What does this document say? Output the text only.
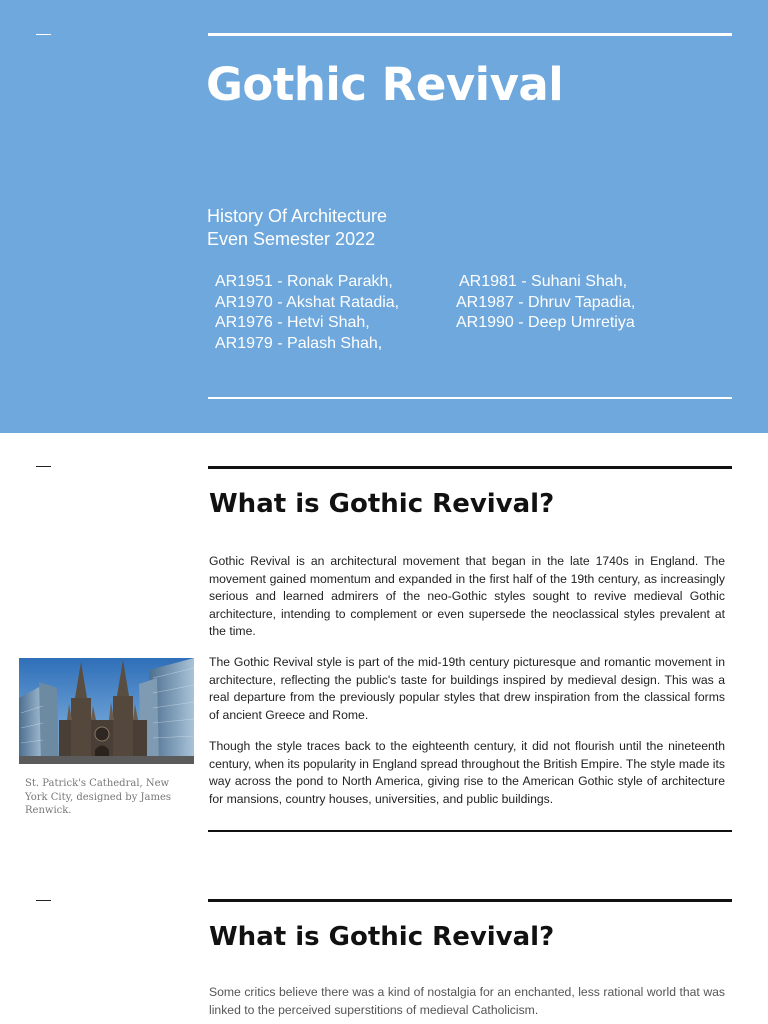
Gothic Revival
History Of Architecture
Even Semester 2022
AR1951 - Ronak Parakh,
AR1970 - Akshat Ratadia,
AR1976 - Hetvi Shah,
AR1979 - Palash Shah,
AR1981 - Suhani Shah,
AR1987 - Dhruv Tapadia,
AR1990 - Deep Umretiya
What is Gothic Revival?

St. Patrick's Cathedral, New York City, designed by James Renwick.

Gothic Revival is an architectural movement that began in the late 1740s in England. The movement gained momentum and expanded in the first half of the 19th century, as increasingly serious and learned admirers of the neo-Gothic styles sought to revive medieval Gothic architecture, intending to complement or even supersede the neoclassical styles prevalent at the time.

The Gothic Revival style is part of the mid-19th century picturesque and romantic movement in architecture, reflecting the public's taste for buildings inspired by medieval design. This was a real departure from the previously popular styles that drew inspiration from the classical forms of ancient Greece and Rome.

Though the style traces back to the eighteenth century, it did not flourish until the nineteenth century, when its popularity in England spread throughout the British Empire. The style made its way across the pond to North America, giving rise to the American Gothic style of architecture for mansions, country houses, universities, and public buildings.

What is Gothic Revival?

Some critics believe there was a kind of nostalgia for an enchanted, less rational world that was linked to the perceived superstitions of medieval Catholicism.
